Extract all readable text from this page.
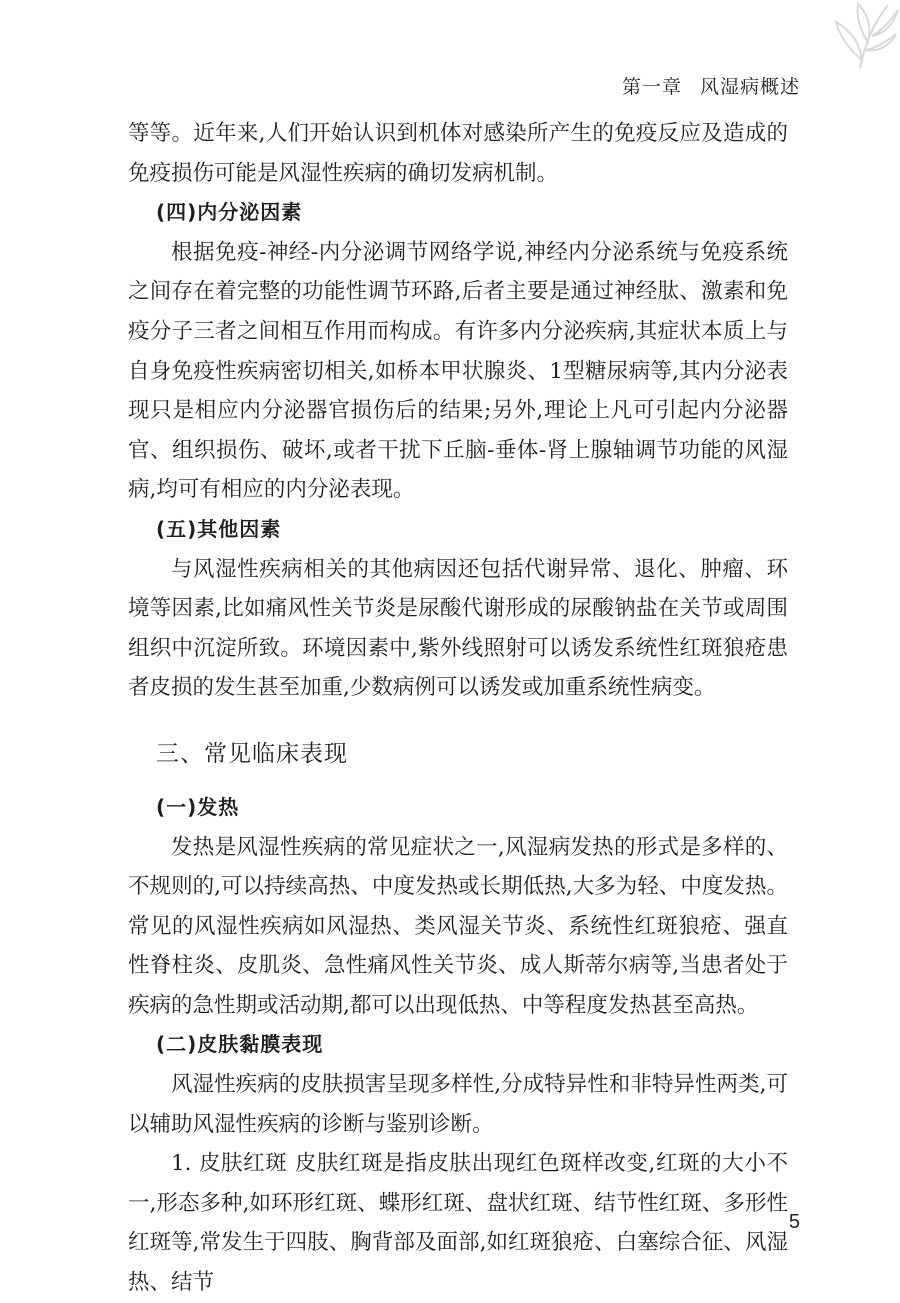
第一章 风湿病概述

等等。近年来,人们开始认识到机体对感染所产生的免疫反应及造成的免疫损伤可能是风湿性疾病的确切发病机制。

(四)内分泌因素

根据免疫-神经-内分泌调节网络学说,神经内分泌系统与免疫系统之间存在着完整的功能性调节环路,后者主要是通过神经肽、激素和免疫分子三者之间相互作用而构成。有许多内分泌疾病,其症状本质上与自身免疫性疾病密切相关,如桥本甲状腺炎、1型糖尿病等,其内分泌表现只是相应内分泌器官损伤后的结果;另外,理论上凡可引起内分泌器官、组织损伤、破坏,或者干扰下丘脑-垂体-肾上腺轴调节功能的风湿病,均可有相应的内分泌表现。

(五)其他因素

与风湿性疾病相关的其他病因还包括代谢异常、退化、肿瘤、环境等因素,比如痛风性关节炎是尿酸代谢形成的尿酸钠盐在关节或周围组织中沉淀所致。环境因素中,紫外线照射可以诱发系统性红斑狼疮患者皮损的发生甚至加重,少数病例可以诱发或加重系统性病变。

三、常见临床表现
(一)发热

发热是风湿性疾病的常见症状之一,风湿病发热的形式是多样的、不规则的,可以持续高热、中度发热或长期低热,大多为轻、中度发热。常见的风湿性疾病如风湿热、类风湿关节炎、系统性红斑狼疮、强直性脊柱炎、皮肌炎、急性痛风性关节炎、成人斯蒂尔病等,当患者处于疾病的急性期或活动期,都可以出现低热、中等程度发热甚至高热。

(二)皮肤黏膜表现

风湿性疾病的皮肤损害呈现多样性,分成特异性和非特异性两类,可以辅助风湿性疾病的诊断与鉴别诊断。

1. 皮肤红斑 皮肤红斑是指皮肤出现红色斑样改变,红斑的大小不一,形态多种,如环形红斑、蝶形红斑、盘状红斑、结节性红斑、多形性红斑等,常发生于四肢、胸背部及面部,如红斑狼疮、白塞综合征、风湿热、结节

5
